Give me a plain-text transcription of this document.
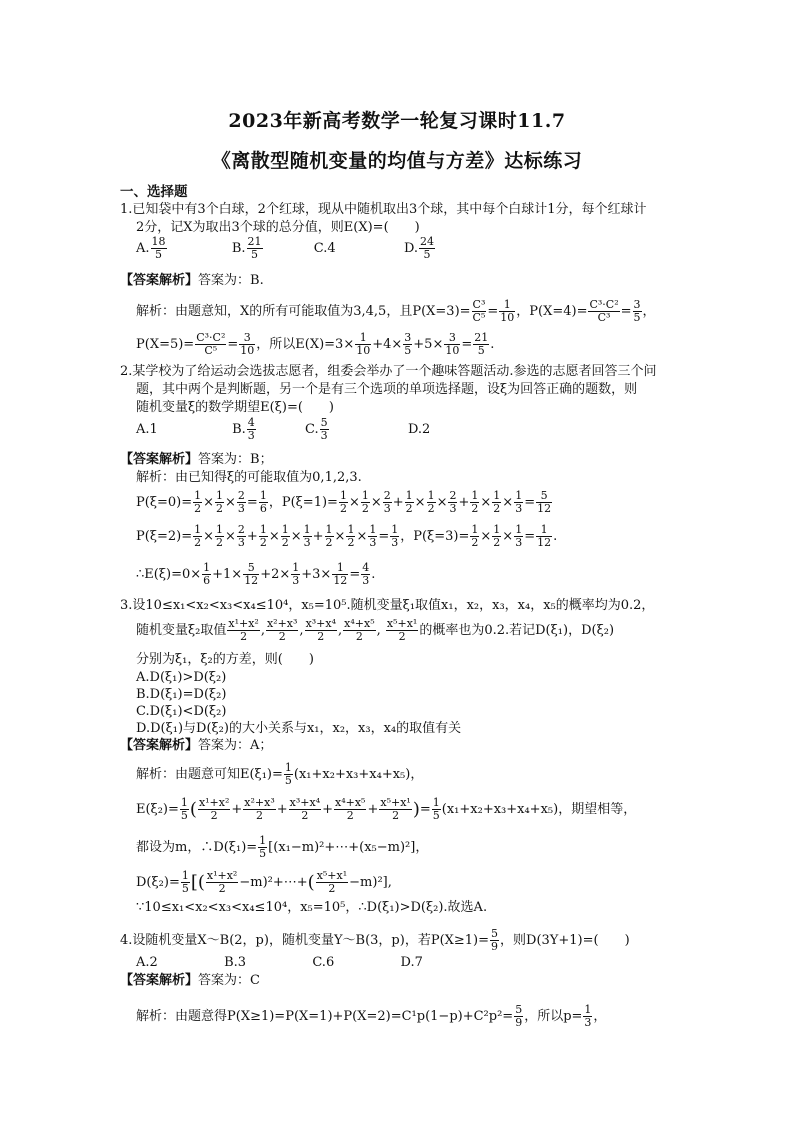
2023年新高考数学一轮复习课时11.7
《离散型随机变量的均值与方差》达标练习
一、选择题
1.已知袋中有3个白球，2个红球，现从中随机取出3个球，其中每个白球计1分，每个红球计
2分，记X为取出3个球的总分值，则E(X)=(　　)
A. $\frac{18}{5}$	B. $\frac{21}{5}$	C.4	D. $\frac{24}{5}$
【答案解析】答案为：B.
解析：由题意知，X的所有可能取值为3,4,5，且$P(X=3)= \frac{\text{C³}}{\text{C⁵}} = \frac{1}{10}$ ，$P(X=4)= \frac{\text{C³·C²}}{\text{C³}} = \frac{3}{5}$ ，
$P(X=5)= \frac{\text{C³·C²}}{\text{C⁵}} = \frac{3}{10}$ ，所以$E(X)=3\times \frac{1}{10} +4\times \frac{3}{5} +5\times \frac{3}{10} = \frac{21}{5}$ .
2.某学校为了给运动会选拔志愿者，组委会举办了一个趣味答题活动.参选的志愿者回答三个问
题，其中两个是判断题，另一个是有三个选项的单项选择题，设ξ为回答正确的题数，则
随机变量ξ的数学期望E(ξ)=(　　)
A.1	B. $\frac{4}{3}$	C. $\frac{5}{3}$	D.2
【答案解析】答案为：B；
解析：由已知得ξ的可能取值为0,1,2,3.
$P(\xi=0)= \frac{1}{2} \times \frac{1}{2} \times \frac{2}{3} = \frac{1}{6}$ ，$P(\xi=1)= \frac{1}{2} \times \frac{1}{2} \times \frac{2}{3} + \frac{1}{2} \times \frac{1}{2} \times \frac{2}{3} + \frac{1}{2} \times \frac{1}{2} \times \frac{1}{3} = \frac{5}{12}$
$P(\xi=2)= \frac{1}{2} \times \frac{1}{2} \times \frac{2}{3} + \frac{1}{2} \times \frac{1}{2} \times \frac{1}{3} + \frac{1}{2} \times \frac{1}{2} \times \frac{1}{3} = \frac{1}{3}$ ，$P(\xi=3)= \frac{1}{2} \times \frac{1}{2} \times \frac{1}{3} = \frac{1}{12}$ .
∴E(ξ)=0× $\frac{1}{6} +1\times \frac{5}{12} +2\times \frac{1}{3} +3\times \frac{1}{12} = \frac{4}{3}$ .
3.设10≤x₁<x₂<x₃<x₄≤10⁴，x₅=10⁵.随机变量ξ₁取值x₁，x₂，x₃，x₄，x₅的概率均为0.2，
随机变量ξ₂取值 $\frac{\text{x¹+x²}}{2}$ , $\frac{\text{x²+x³}}{2}$ , $\frac{\text{x³+x⁴}}{2}$ , $\frac{\text{x⁴+x⁵}}{2}$ , $\frac{\text{x⁵+x¹}}{2}$ 的概率也为0.2.若记D(ξ₁)，D(ξ₂)
分别为ξ₁，ξ₂的方差，则(　　)
A.D(ξ₁)>D(ξ₂)
B.D(ξ₁)=D(ξ₂)
C.D(ξ₁)<D(ξ₂)
D.D(ξ₁)与D(ξ₂)的大小关系与x₁，x₂，x₃，x₄的取值有关
【答案解析】答案为：A；
解析：由题意可知$E(\xi_1)= \frac{1}{5} (x_1+x_2+x_3+x_4+x_5)$，
$E(\xi_2)= \frac{1}{5}$ ( $\frac{\text{x¹+x²}}{2} + \frac{\text{x²+x³}}{2} + \frac{\text{x³+x⁴}}{2} + \frac{\text{x⁴+x⁵}}{2} + \frac{\text{x⁵+x¹}}{2}$ )= $\frac{1}{5} (x_1+x_2+x_3+x_4+x_5)$，期望相等，
都设为m，∴D(ξ₁)= $\frac{1}{5}$ [(x₁−m)²+⋯+(x₅−m)²]，
$D(\xi_2)= \frac{1}{5}$ [( $\frac{\text{x¹+x²}}{2}$ −m)²+⋯+( $\frac{\text{x⁵+x¹}}{2} -m)^2$],
∵10≤x₁<x₂<x₃<x₄≤10⁴，x₅=10⁵，∴D(ξ₁)>D(ξ₂).故选A.
4.设随机变量X～B(2，p)，随机变量Y～B(3，p)，若$P(X\ge 1)= \frac{5}{9}$ ，则D(3Y+1)=(　　)
A.2	B.3	C.6	D.7
【答案解析】答案为：C
解析：由题意得$P(X\ge 1)=P(X=1)+P(X=2)=C^1p(1-p)+C^2p^2= \frac{5}{9}$ ，所以$p= \frac{1}{3}$ ，
